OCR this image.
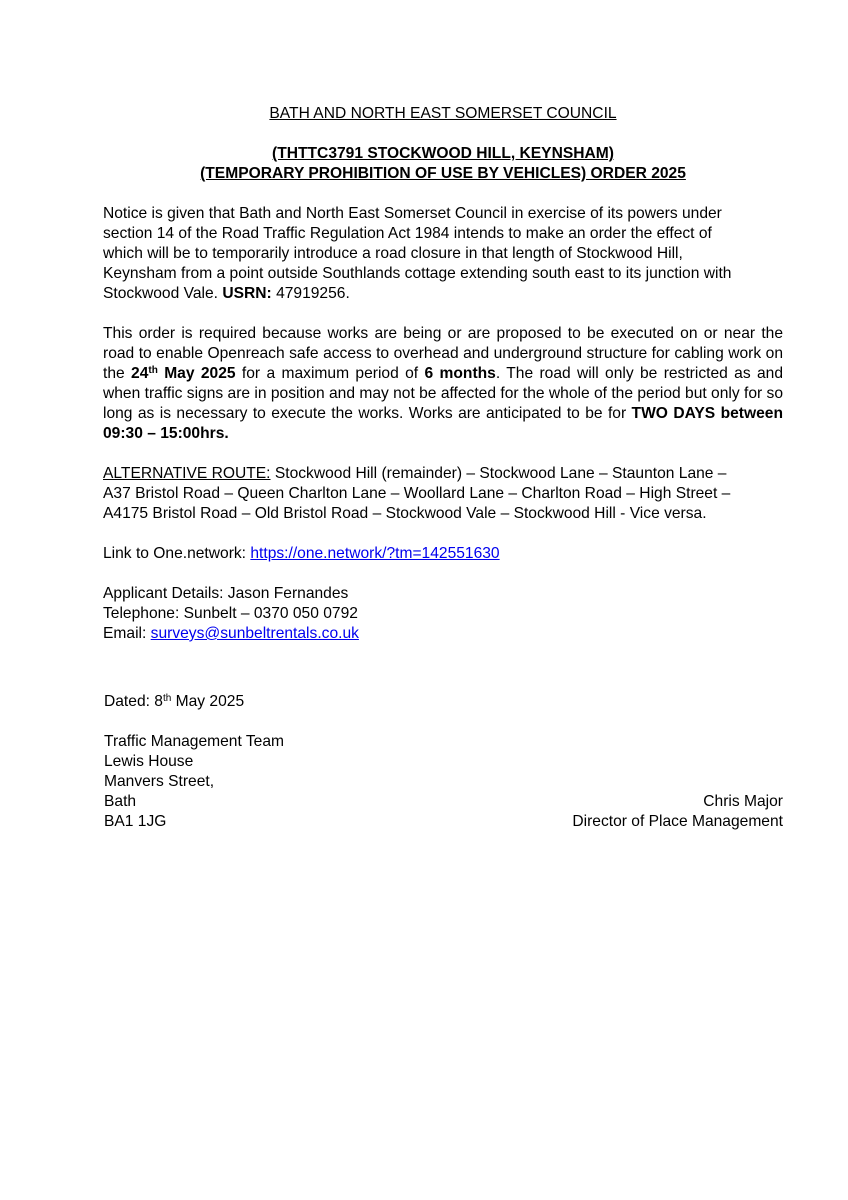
BATH AND NORTH EAST SOMERSET COUNCIL

(THTTC3791 STOCKWOOD HILL, KEYNSHAM)
(TEMPORARY PROHIBITION OF USE BY VEHICLES) ORDER 2025

Notice is given that Bath and North East Somerset Council in exercise of its powers under
section 14 of the Road Traffic Regulation Act 1984 intends to make an order the effect of
which will be to temporarily introduce a road closure in that length of Stockwood Hill,
Keynsham from a point outside Southlands cottage extending south east to its junction with
Stockwood Vale. USRN: 47919256.

This order is required because works are being or are proposed to be executed on or near the road to enable Openreach safe access to overhead and underground structure for cabling work on the 24th May 2025 for a maximum period of 6 months. The road will only be restricted as and when traffic signs are in position and may not be affected for the whole of the period but only for so long as is necessary to execute the works. Works are anticipated to be for TWO DAYS between 09:30 – 15:00hrs.

ALTERNATIVE ROUTE: Stockwood Hill (remainder) – Stockwood Lane – Staunton Lane –
A37 Bristol Road – Queen Charlton Lane – Woollard Lane – Charlton Road – High Street –
A4175 Bristol Road – Old Bristol Road – Stockwood Vale – Stockwood Hill - Vice versa.

Link to One.network: https://one.network/?tm=142551630

Applicant Details: Jason Fernandes
Telephone: Sunbelt – 0370 050 0792
Email: surveys@sunbeltrentals.co.uk

Dated: 8th May 2025

Traffic Management Team
Lewis House
Manvers Street,
Bath
BA1 1JG
Chris Major
Director of Place Management
